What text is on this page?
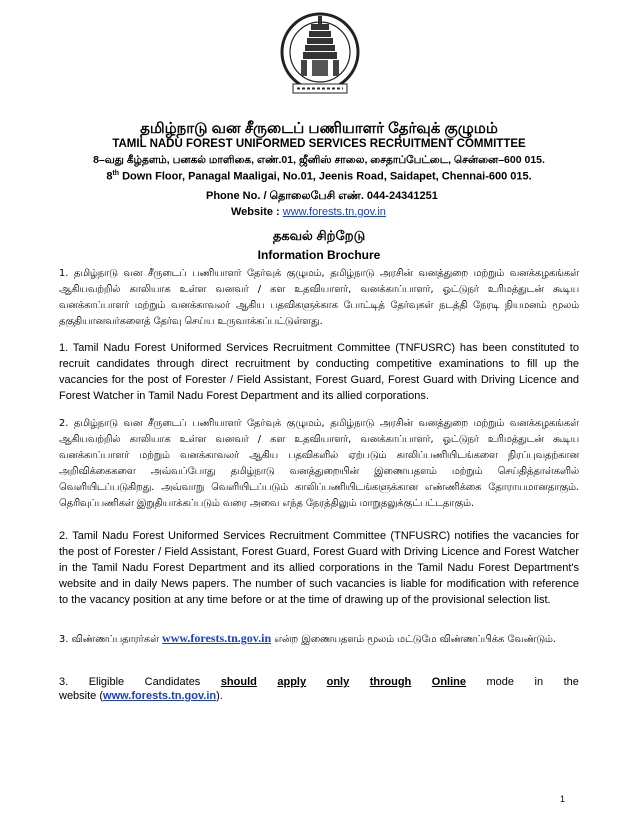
தமிழ்நாடு வன சீருடைப் பணியாளர் தேர்வுக் குழுமம்
TAMIL NADU FOREST UNIFORMED SERVICES RECRUITMENT COMMITTEE
8–வது கீழ்தளம், பனகல் மாளிகை, எண்.01, ஜீனிஸ் சாலை, சைதாப்பேட்டை, சென்னை–600 015.
8th Down Floor, Panagal Maaligai, No.01, Jeenis Road, Saidapet, Chennai-600 015.
Phone No. / தொலைபேசி எண். 044-24341251
Website : www.forests.tn.gov.in
தகவல் சிற்றேடு
Information Brochure
1. தமிழ்நாடு வன சீருடைப் பணியாளர் தேர்வுக் குழுமம், தமிழ்நாடு அரசின் வனத்துறை மற்றும் வனக்கழகங்கள் ஆகியவற்றில் காலியாக உள்ள வனவர் / கள உதவியாளர், வனக்காப்பாளர், ஓட்டுநர் உரிமத்துடன் கூடிய வனக்காப்பாளர் மற்றும் வனக்காவலர் ஆகிய பதவிகளுக்காக போட்டித் தேர்வுகள் நடத்தி நேரடி நியமனம் மூலம் தகுதியானவர்களைத் தேர்வு செய்ய உருவாக்கப்பட்டுள்ளது.
1. Tamil Nadu Forest Uniformed Services Recruitment Committee (TNFUSRC) has been constituted to recruit candidates through direct recruitment by conducting competitive examinations to fill up the vacancies for the post of Forester / Field Assistant, Forest Guard, Forest Guard with Driving Licence and Forest Watcher in Tamil Nadu Forest Department and its allied corporations.
2. தமிழ்நாடு வன சீருடைப் பணியாளர் தேர்வுக் குழுமம், தமிழ்நாடு அரசின் வனத்துறை மற்றும் வனக்கழகங்கள் ஆகியவற்றில் காலியாக உள்ள வனவர் / கள உதவியாளர், வனக்காப்பாளர், ஓட்டுநர் உரிமத்துடன் கூடிய வனக்காப்பாளர் மற்றும் வனக்காவலர் ஆகிய பதவிகளில் ஏற்படும் காலிப்பணியிடங்களை நிரப்புவதற்கான அறிவிக்கைகளை அவ்வப்போது தமிழ்நாடு வனத்துறையின் இணையதளம் மற்றும் செய்தித்தாள்களில் வெளியிடப்படுகிறது. அவ்வாறு வெளியிடப்படும் காலிப்பணியிடங்களுக்கான எண்ணிக்கை தோராயமானதாகும். தெரிவுப்பணிகள் இறுதியாக்கப்படும் வரை அவை எந்த நேரத்திலும் மாறுதலுக்குட்பட்டதாகும்.
2. Tamil Nadu Forest Uniformed Services Recruitment Committee (TNFUSRC) notifies the vacancies for the post of Forester / Field Assistant, Forest Guard, Forest Guard with Driving Licence and Forest Watcher in the Tamil Nadu Forest Department and its allied corporations in the Tamil Nadu Forest Department's website and in daily News papers. The number of such vacancies is liable for modification with reference to the vacancy position at any time before or at the time of drawing up of the provisional selection list.
3. விண்ணப்பதாரர்கள் www.forests.tn.gov.in என்ற இணையதளம் மூலம் மட்டுமே விண்ணப்பிக்க வேண்டும்.
3. Eligible Candidates should apply only through Online mode in the
website (www.forests.tn.gov.in).
1
